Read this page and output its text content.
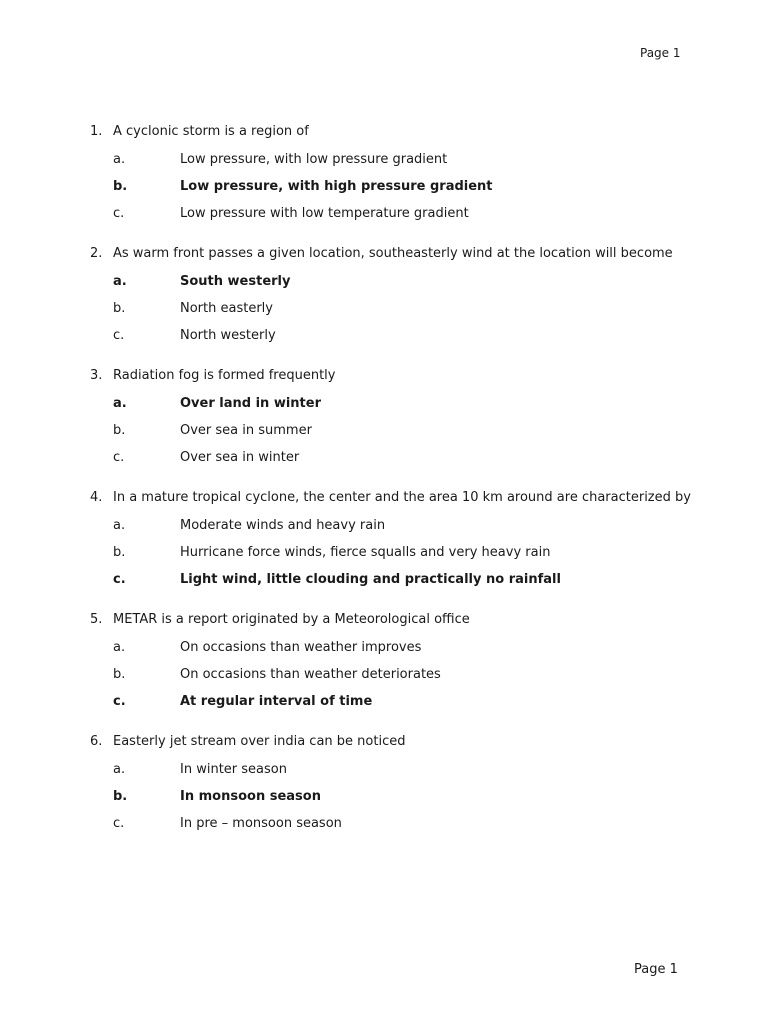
Page 1
1. A cyclonic storm is a region of
a.	Low pressure, with low pressure gradient
b.	Low pressure, with high pressure gradient
c.	Low pressure with low temperature gradient
2. As warm front passes a given location, southeasterly wind at the location will become
a.	South westerly
b.	North easterly
c.	North westerly
3. Radiation fog is formed frequently
a.	Over land in winter
b.	Over sea in summer
c.	Over sea in winter
4. In a mature tropical cyclone, the center and the area 10 km around are characterized by
a.	Moderate winds and heavy rain
b.	Hurricane force winds, fierce squalls and very heavy rain
c.	Light wind, little clouding and practically no rainfall
5. METAR is a report originated by a Meteorological office
a.	On occasions than weather improves
b.	On occasions than weather deteriorates
c.	At regular interval of time
6. Easterly jet stream over india can be noticed
a.	In winter season
b.	In monsoon season
c.	In pre – monsoon season
Page 1
